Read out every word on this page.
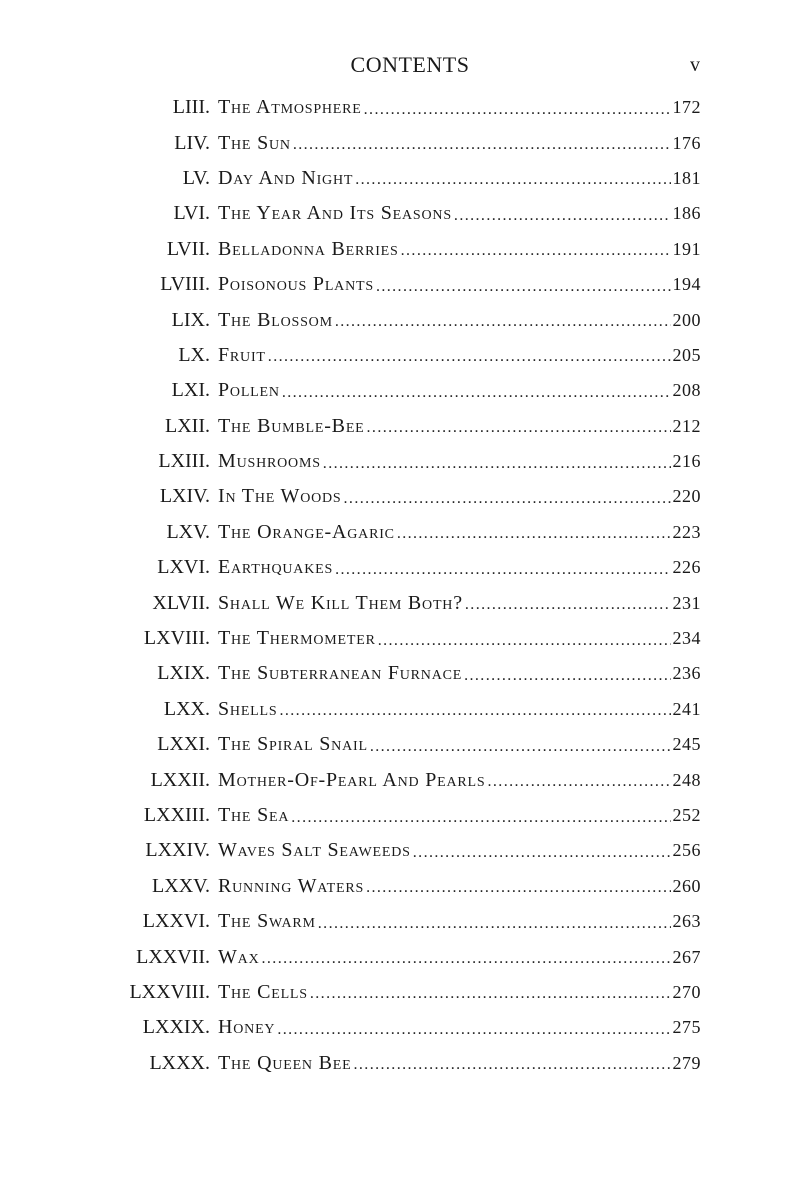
CONTENTS	v
LIII. The Atmosphere .....	172
LIV. The Sun .....	176
LV. Day And Night .....	181
LVI. The Year And Its Seasons .....	186
LVII. Belladonna Berries .....	191
LVIII. Poisonous Plants .....	194
LIX. The Blossom .....	200
LX. Fruit .....	205
LXI. Pollen .....	208
LXII. The Bumble-Bee .....	212
LXIII. Mushrooms .....	216
LXIV. In The Woods .....	220
LXV. The Orange-Agaric .....	223
LXVI. Earthquakes .....	226
XLVII. Shall We Kill Them Both? .....	231
LXVIII. The Thermometer .....	234
LXIX. The Subterranean Furnace .....	236
LXX. Shells .....	241
LXXI. The Spiral Snail .....	245
LXXII. Mother-Of-Pearl And Pearls .....	248
LXXIII. The Sea .....	252
LXXIV. Waves Salt Seaweeds .....	256
LXXV. Running Waters .....	260
LXXVI. The Swarm .....	263
LXXVII. Wax .....	267
LXXVIII. The Cells .....	270
LXXIX. Honey .....	275
LXXX. The Queen Bee .....	279
